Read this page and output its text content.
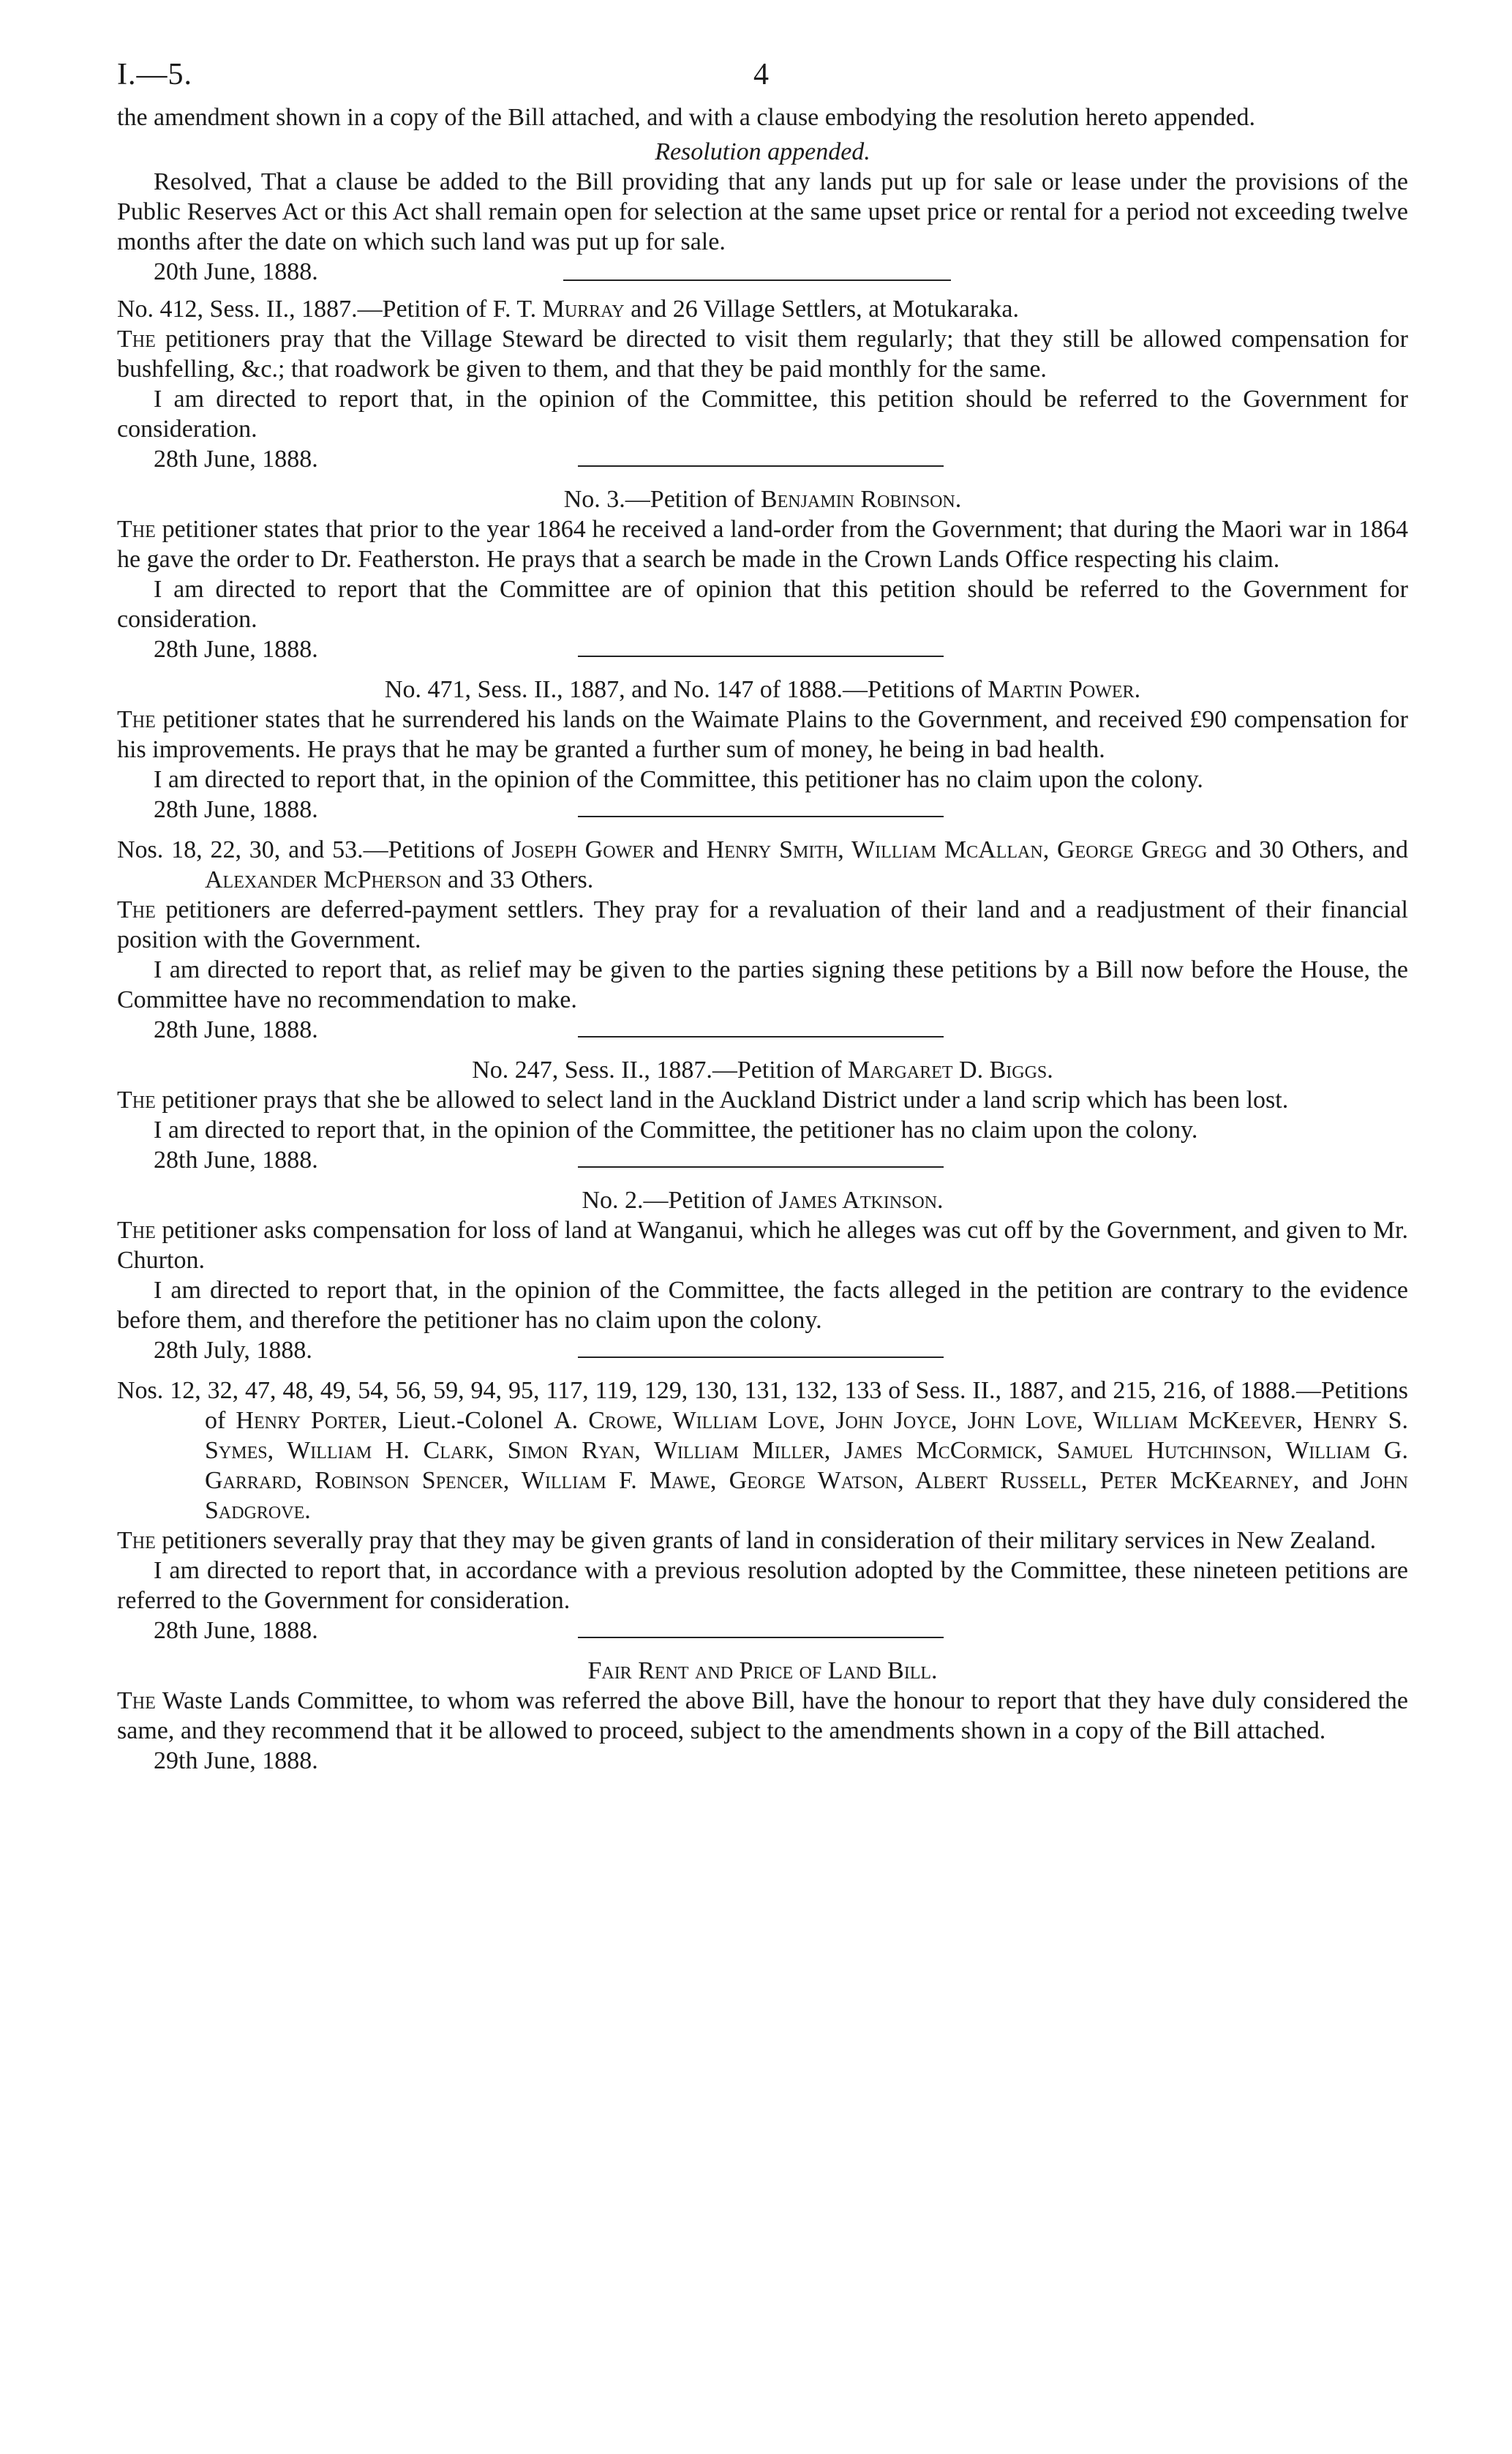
I.—5.	4

the amendment shown in a copy of the Bill attached, and with a clause embodying the resolution hereto appended.

Resolution appended.

Resolved, That a clause be added to the Bill providing that any lands put up for sale or lease under the provisions of the Public Reserves Act or this Act shall remain open for selection at the same upset price or rental for a period not exceeding twelve months after the date on which such land was put up for sale.

20th June, 1888.

No. 412, Sess. II., 1887.—Petition of F. T. Murray and 26 Village Settlers, at Motukaraka.

The petitioners pray that the Village Steward be directed to visit them regularly; that they still be allowed compensation for bushfelling, &c.; that roadwork be given to them, and that they be paid monthly for the same.

I am directed to report that, in the opinion of the Committee, this petition should be referred to the Government for consideration.

28th June, 1888.

No. 3.—Petition of Benjamin Robinson.

The petitioner states that prior to the year 1864 he received a land-order from the Government; that during the Maori war in 1864 he gave the order to Dr. Featherston. He prays that a search be made in the Crown Lands Office respecting his claim.

I am directed to report that the Committee are of opinion that this petition should be referred to the Government for consideration.

28th June, 1888.

No. 471, Sess. II., 1887, and No. 147 of 1888.—Petitions of Martin Power.

The petitioner states that he surrendered his lands on the Waimate Plains to the Government, and received £90 compensation for his improvements. He prays that he may be granted a further sum of money, he being in bad health.

I am directed to report that, in the opinion of the Committee, this petitioner has no claim upon the colony.

28th June, 1888.

Nos. 18, 22, 30, and 53.—Petitions of Joseph Gower and Henry Smith, William McAllan, George Gregg and 30 Others, and Alexander McPherson and 33 Others.

The petitioners are deferred-payment settlers. They pray for a revaluation of their land and a readjustment of their financial position with the Government.

I am directed to report that, as relief may be given to the parties signing these petitions by a Bill now before the House, the Committee have no recommendation to make.

28th June, 1888.

No. 247, Sess. II., 1887.—Petition of Margaret D. Biggs.

The petitioner prays that she be allowed to select land in the Auckland District under a land scrip which has been lost.

I am directed to report that, in the opinion of the Committee, the petitioner has no claim upon the colony.

28th June, 1888.

No. 2.—Petition of James Atkinson.

The petitioner asks compensation for loss of land at Wanganui, which he alleges was cut off by the Government, and given to Mr. Churton.

I am directed to report that, in the opinion of the Committee, the facts alleged in the petition are contrary to the evidence before them, and therefore the petitioner has no claim upon the colony.

28th July, 1888.

Nos. 12, 32, 47, 48, 49, 54, 56, 59, 94, 95, 117, 119, 129, 130, 131, 132, 133 of Sess. II., 1887, and 215, 216, of 1888.—Petitions of Henry Porter, Lieut.-Colonel A. Crowe, William Love, John Joyce, John Love, William McKeever, Henry S. Symes, William H. Clark, Simon Ryan, William Miller, James McCormick, Samuel Hutchinson, William G. Garrard, Robinson Spencer, William F. Mawe, George Watson, Albert Russell, Peter McKearney, and John Sadgrove.

The petitioners severally pray that they may be given grants of land in consideration of their military services in New Zealand.

I am directed to report that, in accordance with a previous resolution adopted by the Committee, these nineteen petitions are referred to the Government for consideration.

28th June, 1888.

Fair Rent and Price of Land Bill.

The Waste Lands Committee, to whom was referred the above Bill, have the honour to report that they have duly considered the same, and they recommend that it be allowed to proceed, subject to the amendments shown in a copy of the Bill attached.

29th June, 1888.
